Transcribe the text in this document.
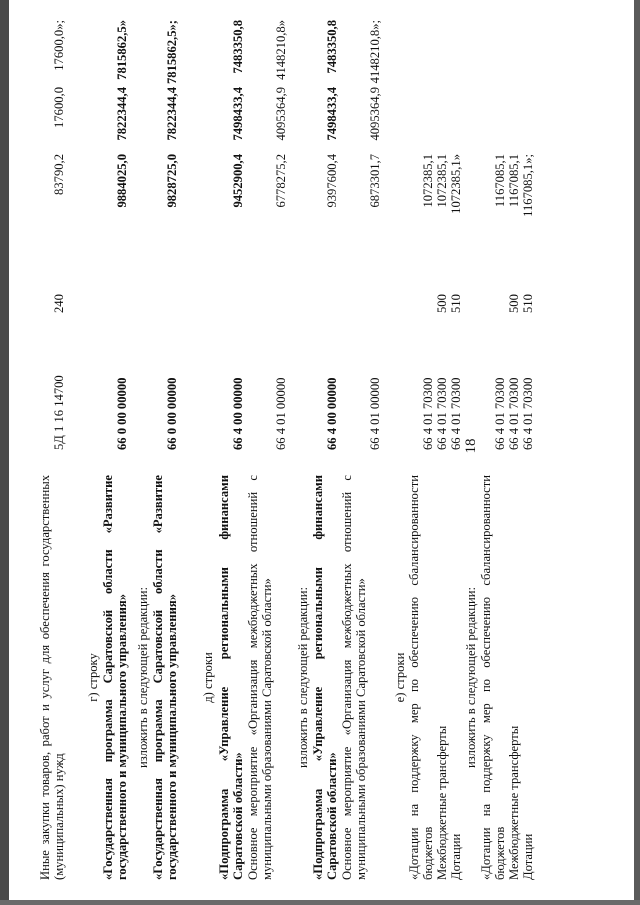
18
Иные закупки товаров, работ и услуг для обеспечения государственных (муниципальных) нужд
5Д 1 16 14700
240
83790,2
17600,0
17600,0»;
г) строку «Государственная программа Саратовской области «Развитие государственного и муниципального управления»
66 0 00 00000
9884025,0
7822344,4
7815862,5»
изложить в следующей редакции: «Государственная программа Саратовской области «Развитие государственного и муниципального управления»
66 0 00 00000
9828725,0
7822344,4
7815862,5»;
д) строки «Подпрограмма «Управление региональными финансами Саратовской области»
66 4 00 00000
9452900,4
7498433,4
7483350,8
Основное мероприятие «Организация межбюджетных отношений с муниципальными образованиями Саратовской области»
66 4 01 00000
6778275,2
4095364,9
4148210,8»
изложить в следующей редакции: «Подпрограмма «Управление региональными финансами Саратовской области»
66 4 00 00000
9397600,4
7498433,4
7483350,8
Основное мероприятие «Организация межбюджетных отношений с муниципальными образованиями Саратовской области»
66 4 01 00000
6873301,7
4095364,9
4148210,8»;
е) строки «Дотации на поддержку мер по обеспечению сбалансированности бюджетов
66 4 01 70300
1072385,1
Межбюджетные трансферты
66 4 01 70300
500
1072385,1
Дотации
66 4 01 70300
510
1072385,1»
изложить в следующей редакции: «Дотации на поддержку мер по обеспечению сбалансированности бюджетов
66 4 01 70300
1167085,1
Межбюджетные трансферты
66 4 01 70300
500
1167085,1
Дотации
66 4 01 70300
510
1167085,1»;
